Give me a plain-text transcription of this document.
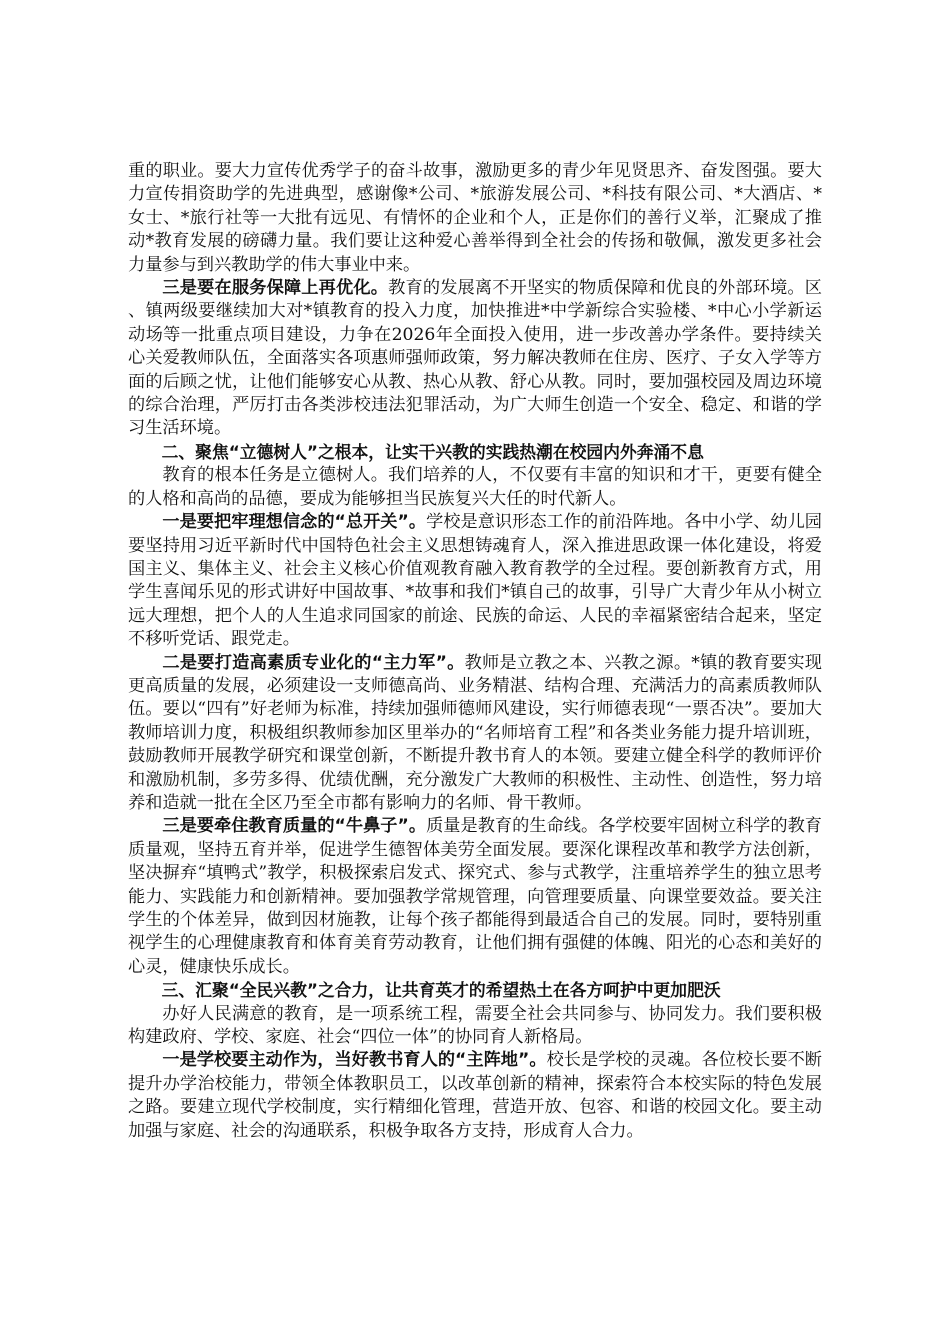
重的职业。要大力宣传优秀学子的奋斗故事，激励更多的青少年见贤思齐、奋发图强。要大力宣传捐资助学的先进典型，感谢像*公司、*旅游发展公司、*科技有限公司、*大酒店、*女士、*旅行社等一大批有远见、有情怀的企业和个人，正是你们的善行义举，汇聚成了推动*教育发展的磅礴力量。我们要让这种爱心善举得到全社会的传扬和敬佩，激发更多社会力量参与到兴教助学的伟大事业中来。

三是要在服务保障上再优化。教育的发展离不开坚实的物质保障和优良的外部环境。区、镇两级要继续加大对*镇教育的投入力度，加快推进*中学新综合实验楼、*中心小学新运动场等一批重点项目建设，力争在2026年全面投入使用，进一步改善办学条件。要持续关心关爱教师队伍，全面落实各项惠师强师政策，努力解决教师在住房、医疗、子女入学等方面的后顾之忧，让他们能够安心从教、热心从教、舒心从教。同时，要加强校园及周边环境的综合治理，严厉打击各类涉校违法犯罪活动，为广大师生创造一个安全、稳定、和谐的学习生活环境。

二、聚焦“立德树人”之根本，让实干兴教的实践热潮在校园内外奔涌不息

教育的根本任务是立德树人。我们培养的人，不仅要有丰富的知识和才干，更要有健全的人格和高尚的品德，要成为能够担当民族复兴大任的时代新人。

一是要把牢理想信念的“总开关”。学校是意识形态工作的前沿阵地。各中小学、幼儿园要坚持用习近平新时代中国特色社会主义思想铸魂育人，深入推进思政课一体化建设，将爱国主义、集体主义、社会主义核心价值观教育融入教育教学的全过程。要创新教育方式，用学生喜闻乐见的形式讲好中国故事、*故事和我们*镇自己的故事，引导广大青少年从小树立远大理想，把个人的人生追求同国家的前途、民族的命运、人民的幸福紧密结合起来，坚定不移听党话、跟党走。

二是要打造高素质专业化的“主力军”。教师是立教之本、兴教之源。*镇的教育要实现更高质量的发展，必须建设一支师德高尚、业务精湛、结构合理、充满活力的高素质教师队伍。要以“四有”好老师为标准，持续加强师德师风建设，实行师德表现“一票否决”。要加大教师培训力度，积极组织教师参加区里举办的“名师培育工程”和各类业务能力提升培训班，鼓励教师开展教学研究和课堂创新，不断提升教书育人的本领。要建立健全科学的教师评价和激励机制，多劳多得、优绩优酬，充分激发广大教师的积极性、主动性、创造性，努力培养和造就一批在全区乃至全市都有影响力的名师、骨干教师。

三是要牵住教育质量的“牛鼻子”。质量是教育的生命线。各学校要牢固树立科学的教育质量观，坚持五育并举，促进学生德智体美劳全面发展。要深化课程改革和教学方法创新，坚决摒弃“填鸭式”教学，积极探索启发式、探究式、参与式教学，注重培养学生的独立思考能力、实践能力和创新精神。要加强教学常规管理，向管理要质量、向课堂要效益。要关注学生的个体差异，做到因材施教，让每个孩子都能得到最适合自己的发展。同时，要特别重视学生的心理健康教育和体育美育劳动教育，让他们拥有强健的体魄、阳光的心态和美好的心灵，健康快乐成长。

三、汇聚“全民兴教”之合力，让共育英才的希望热土在各方呵护中更加肥沃

办好人民满意的教育，是一项系统工程，需要全社会共同参与、协同发力。我们要积极构建政府、学校、家庭、社会“四位一体”的协同育人新格局。

一是学校要主动作为，当好教书育人的“主阵地”。校长是学校的灵魂。各位校长要不断提升办学治校能力，带领全体教职员工，以改革创新的精神，探索符合本校实际的特色发展之路。要建立现代学校制度，实行精细化管理，营造开放、包容、和谐的校园文化。要主动加强与家庭、社会的沟通联系，积极争取各方支持，形成育人合力。
